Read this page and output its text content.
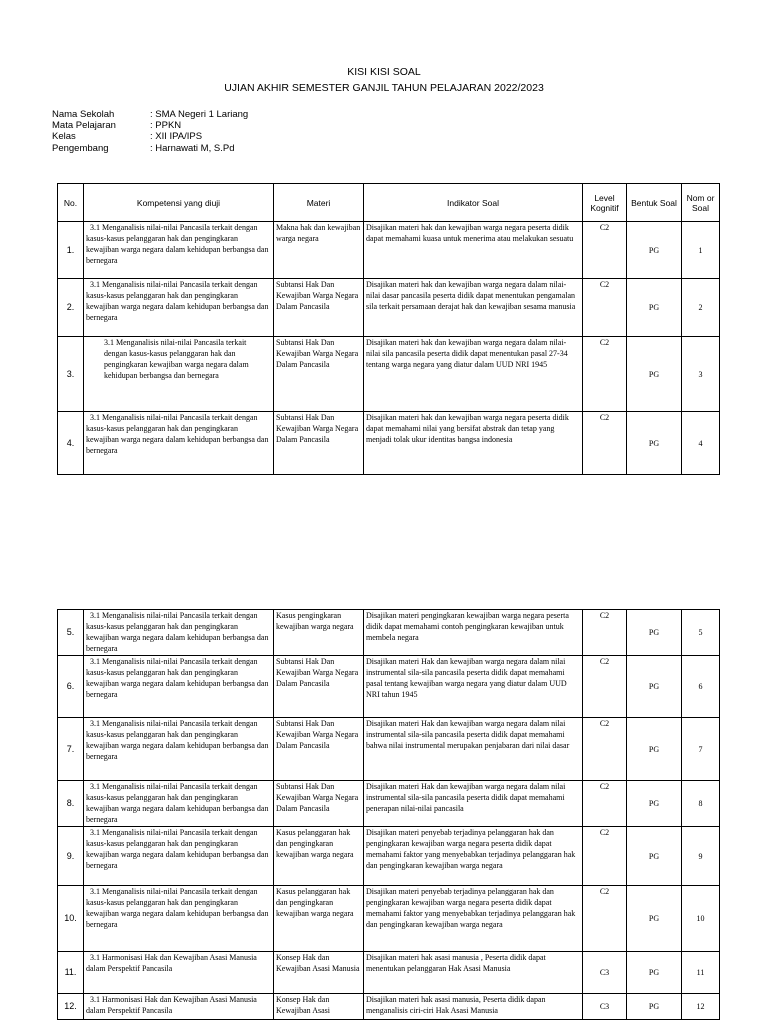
KISI KISI SOAL
UJIAN AKHIR SEMESTER GANJIL TAHUN PELAJARAN 2022/2023
Nama Sekolah	: SMA Negeri 1 Lariang
Mata Pelajaran	: PPKN
Kelas	: XII IPA/IPS
Pengembang	: Harnawati M, S.Pd
No.	Kompetensi yang diuji	Materi	Indikator Soal	Level Kognitif	Bentuk Soal	Nom or Soal
1.	3.1 Menganalisis nilai-nilai Pancasila terkait dengan kasus-kasus pelanggaran hak dan pengingkaran kewajiban warga negara dalam kehidupan berbangsa dan bernegara	Makna hak dan kewajiban warga negara	Disajikan materi hak dan kewajiban warga negara peserta didik dapat memahami kuasa untuk menerima atau melakukan sesuatu	C2	PG	1
2.	3.1 Menganalisis nilai-nilai Pancasila terkait dengan kasus-kasus pelanggaran hak dan pengingkaran kewajiban warga negara dalam kehidupan berbangsa dan bernegara	Subtansi Hak Dan Kewajiban Warga Negara Dalam Pancasila	Disajikan materi hak dan kewajiban warga negara dalam nilai-nilai dasar pancasila peserta didik dapat menentukan pengamalan sila terkait persamaan derajat hak dan kewajiban sesama manusia	C2	PG	2
3.	3.1 Menganalisis nilai-nilai Pancasila terkait dengan kasus-kasus pelanggaran hak dan pengingkaran kewajiban warga negara dalam kehidupan berbangsa dan bernegara	Subtansi Hak Dan Kewajiban Warga Negara Dalam Pancasila	Disajikan materi hak dan kewajiban warga negara dalam nilai-nilai sila pancasila peserta didik dapat menentukan pasal 27-34 tentang warga negara yang diatur dalam UUD NRI 1945	C2	PG	3
4.	3.1 Menganalisis nilai-nilai Pancasila terkait dengan kasus-kasus pelanggaran hak dan pengingkaran kewajiban warga negara dalam kehidupan berbangsa dan bernegara	Subtansi Hak Dan Kewajiban Warga Negara Dalam Pancasila	Disajikan materi hak dan kewajiban warga negara peserta didik dapat memahami nilai yang bersifat abstrak dan tetap yang menjadi tolak ukur identitas bangsa indonesia	C2	PG	4
5.	3.1 Menganalisis nilai-nilai Pancasila terkait dengan kasus-kasus pelanggaran hak dan pengingkaran kewajiban warga negara dalam kehidupan berbangsa dan bernegara	Kasus pengingkaran kewajiban warga negara	Disajikan materi pengingkaran kewajiban warga negara peserta didik dapat memahami contoh pengingkaran kewajiban untuk membela negara	C2	PG	5
6.	3.1 Menganalisis nilai-nilai Pancasila terkait dengan kasus-kasus pelanggaran hak dan pengingkaran kewajiban warga negara dalam kehidupan berbangsa dan bernegara	Subtansi Hak Dan Kewajiban Warga Negara Dalam Pancasila	Disajikan materi Hak dan kewajiban warga negara dalam nilai instrumental sila-sila pancasila peserta didik dapat memahami pasal tentang kewajiban warga negara yang diatur dalam UUD NRI tahun 1945	C2	PG	6
7.	3.1 Menganalisis nilai-nilai Pancasila terkait dengan kasus-kasus pelanggaran hak dan pengingkaran kewajiban warga negara dalam kehidupan berbangsa dan bernegara	Subtansi Hak Dan Kewajiban Warga Negara Dalam Pancasila	Disajikan materi Hak dan kewajiban warga negara dalam nilai instrumental sila-sila pancasila peserta didik dapat memahami bahwa nilai instrumental merupakan penjabaran dari nilai dasar	C2	PG	7
8.	3.1 Menganalisis nilai-nilai Pancasila terkait dengan kasus-kasus pelanggaran hak dan pengingkaran kewajiban warga negara dalam kehidupan berbangsa dan bernegara	Subtansi Hak Dan Kewajiban Warga Negara Dalam Pancasila	Disajikan materi Hak dan kewajiban warga negara dalam nilai instrumental sila-sila pancasila peserta didik dapat memahami penerapan nilai-nilai pancasila	C2	PG	8
9.	3.1 Menganalisis nilai-nilai Pancasila terkait dengan kasus-kasus pelanggaran hak dan pengingkaran kewajiban warga negara dalam kehidupan berbangsa dan bernegara	Kasus pelanggaran hak dan pengingkaran kewajiban warga negara	Disajikan materi penyebab terjadinya pelanggaran hak dan pengingkaran kewajiban warga negara peserta didik dapat memahami faktor yang menyebabkan terjadinya pelanggaran hak dan pengingkaran kewajiban warga negara	C2	PG	9
10.	3.1 Menganalisis nilai-nilai Pancasila terkait dengan kasus-kasus pelanggaran hak dan pengingkaran kewajiban warga negara dalam kehidupan berbangsa dan bernegara	Kasus pelanggaran hak dan pengingkaran kewajiban warga negara	Disajikan materi penyebab terjadinya pelanggaran hak dan pengingkaran kewajiban warga negara peserta didik dapat memahami faktor yang menyebabkan terjadinya pelanggaran hak dan pengingkaran kewajiban warga negara	C2	PG	10
11.	3.1 Harmonisasi Hak dan Kewajiban Asasi Manusia dalam Perspektif Pancasila	Konsep Hak dan Kewajiban Asasi Manusia	Disajikan materi hak asasi manusia , Peserta didik dapat menentukan pelanggaran Hak Asasi Manusia	C3	PG	11
12.	3.1 Harmonisasi Hak dan Kewajiban Asasi Manusia dalam Perspektif Pancasila	Konsep Hak dan Kewajiban Asasi	Disajikan materi hak asasi manusia, Peserta didik dapan menganalisis ciri-ciri Hak Asasi Manusia	C3	PG	12
